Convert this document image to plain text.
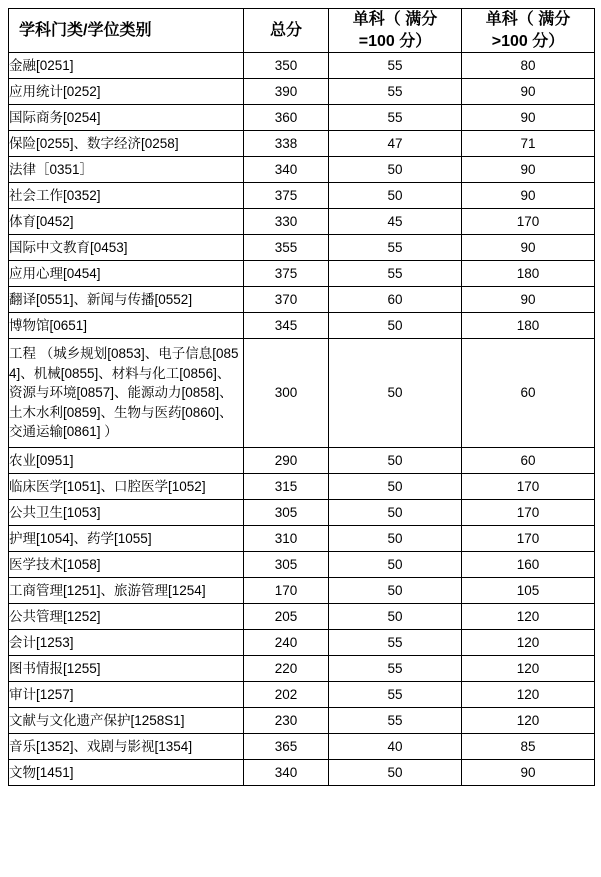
学科门类/学位类别	总分	单科（ 满分=100 分）	单科（ 满分>100 分）
金融[0251]	350	55	80
应用统计[0252]	390	55	90
国际商务[0254]	360	55	90
保险[0255]、数字经济[0258]	338	47	71
法律［0351］	340	50	90
社会工作[0352]	375	50	90
体育[0452]	330	45	170
国际中文教育[0453]	355	55	90
应用心理[0454]	375	55	180
翻译[0551]、新闻与传播[0552]	370	60	90
博物馆[0651]	345	50	180
工程 （城乡规划[0853]、电子信息[0854]、机械[0855]、材料与化工[0856]、资源与环境[0857]、能源动力[0858]、土木水利[0859]、生物与医药[0860]、交通运输[0861] ）	300	50	60
农业[0951]	290	50	60
临床医学[1051]、口腔医学[1052]	315	50	170
公共卫生[1053]	305	50	170
护理[1054]、药学[1055]	310	50	170
医学技术[1058]	305	50	160
工商管理[1251]、旅游管理[1254]	170	50	105
公共管理[1252]	205	50	120
会计[1253]	240	55	120
图书情报[1255]	220	55	120
审计[1257]	202	55	120
文献与文化遗产保护[1258S1]	230	55	120
音乐[1352]、戏剧与影视[1354]	365	40	85
文物[1451]	340	50	90
